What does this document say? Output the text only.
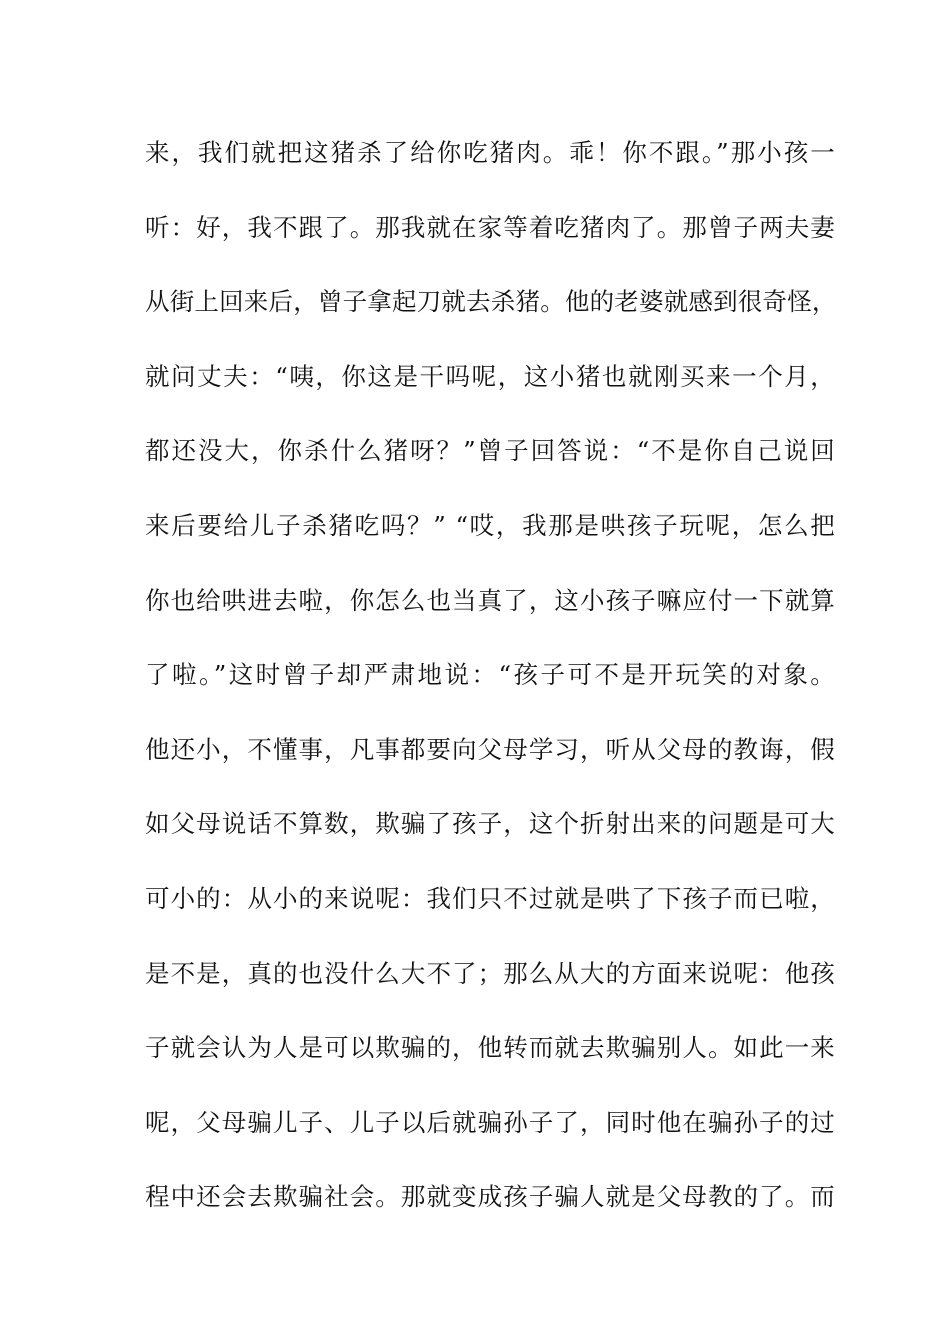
来，我们就把这猪杀了给你吃猪肉。乖！你不跟。”那小孩一
听：好，我不跟了。那我就在家等着吃猪肉了。那曾子两夫妻
从街上回来后，曾子拿起刀就去杀猪。他的老婆就感到很奇怪，
就问丈夫：“咦，你这是干吗呢，这小猪也就刚买来一个月，
都还没大，你杀什么猪呀？”曾子回答说：“不是你自己说回
来后要给儿子杀猪吃吗？” “哎，我那是哄孩子玩呢，怎么把
你也给哄进去啦，你怎么也当真了，这小孩子嘛应付一下就算
了啦。”这时曾子却严肃地说：“孩子可不是开玩笑的对象。
他还小，不懂事，凡事都要向父母学习，听从父母的教诲，假
如父母说话不算数，欺骗了孩子，这个折射出来的问题是可大
可小的：从小的来说呢：我们只不过就是哄了下孩子而已啦，
是不是，真的也没什么大不了；那么从大的方面来说呢：他孩
子就会认为人是可以欺骗的，他转而就去欺骗别人。如此一来
呢，父母骗儿子、儿子以后就骗孙子了，同时他在骗孙子的过
程中还会去欺骗社会。那就变成孩子骗人就是父母教的了。而
